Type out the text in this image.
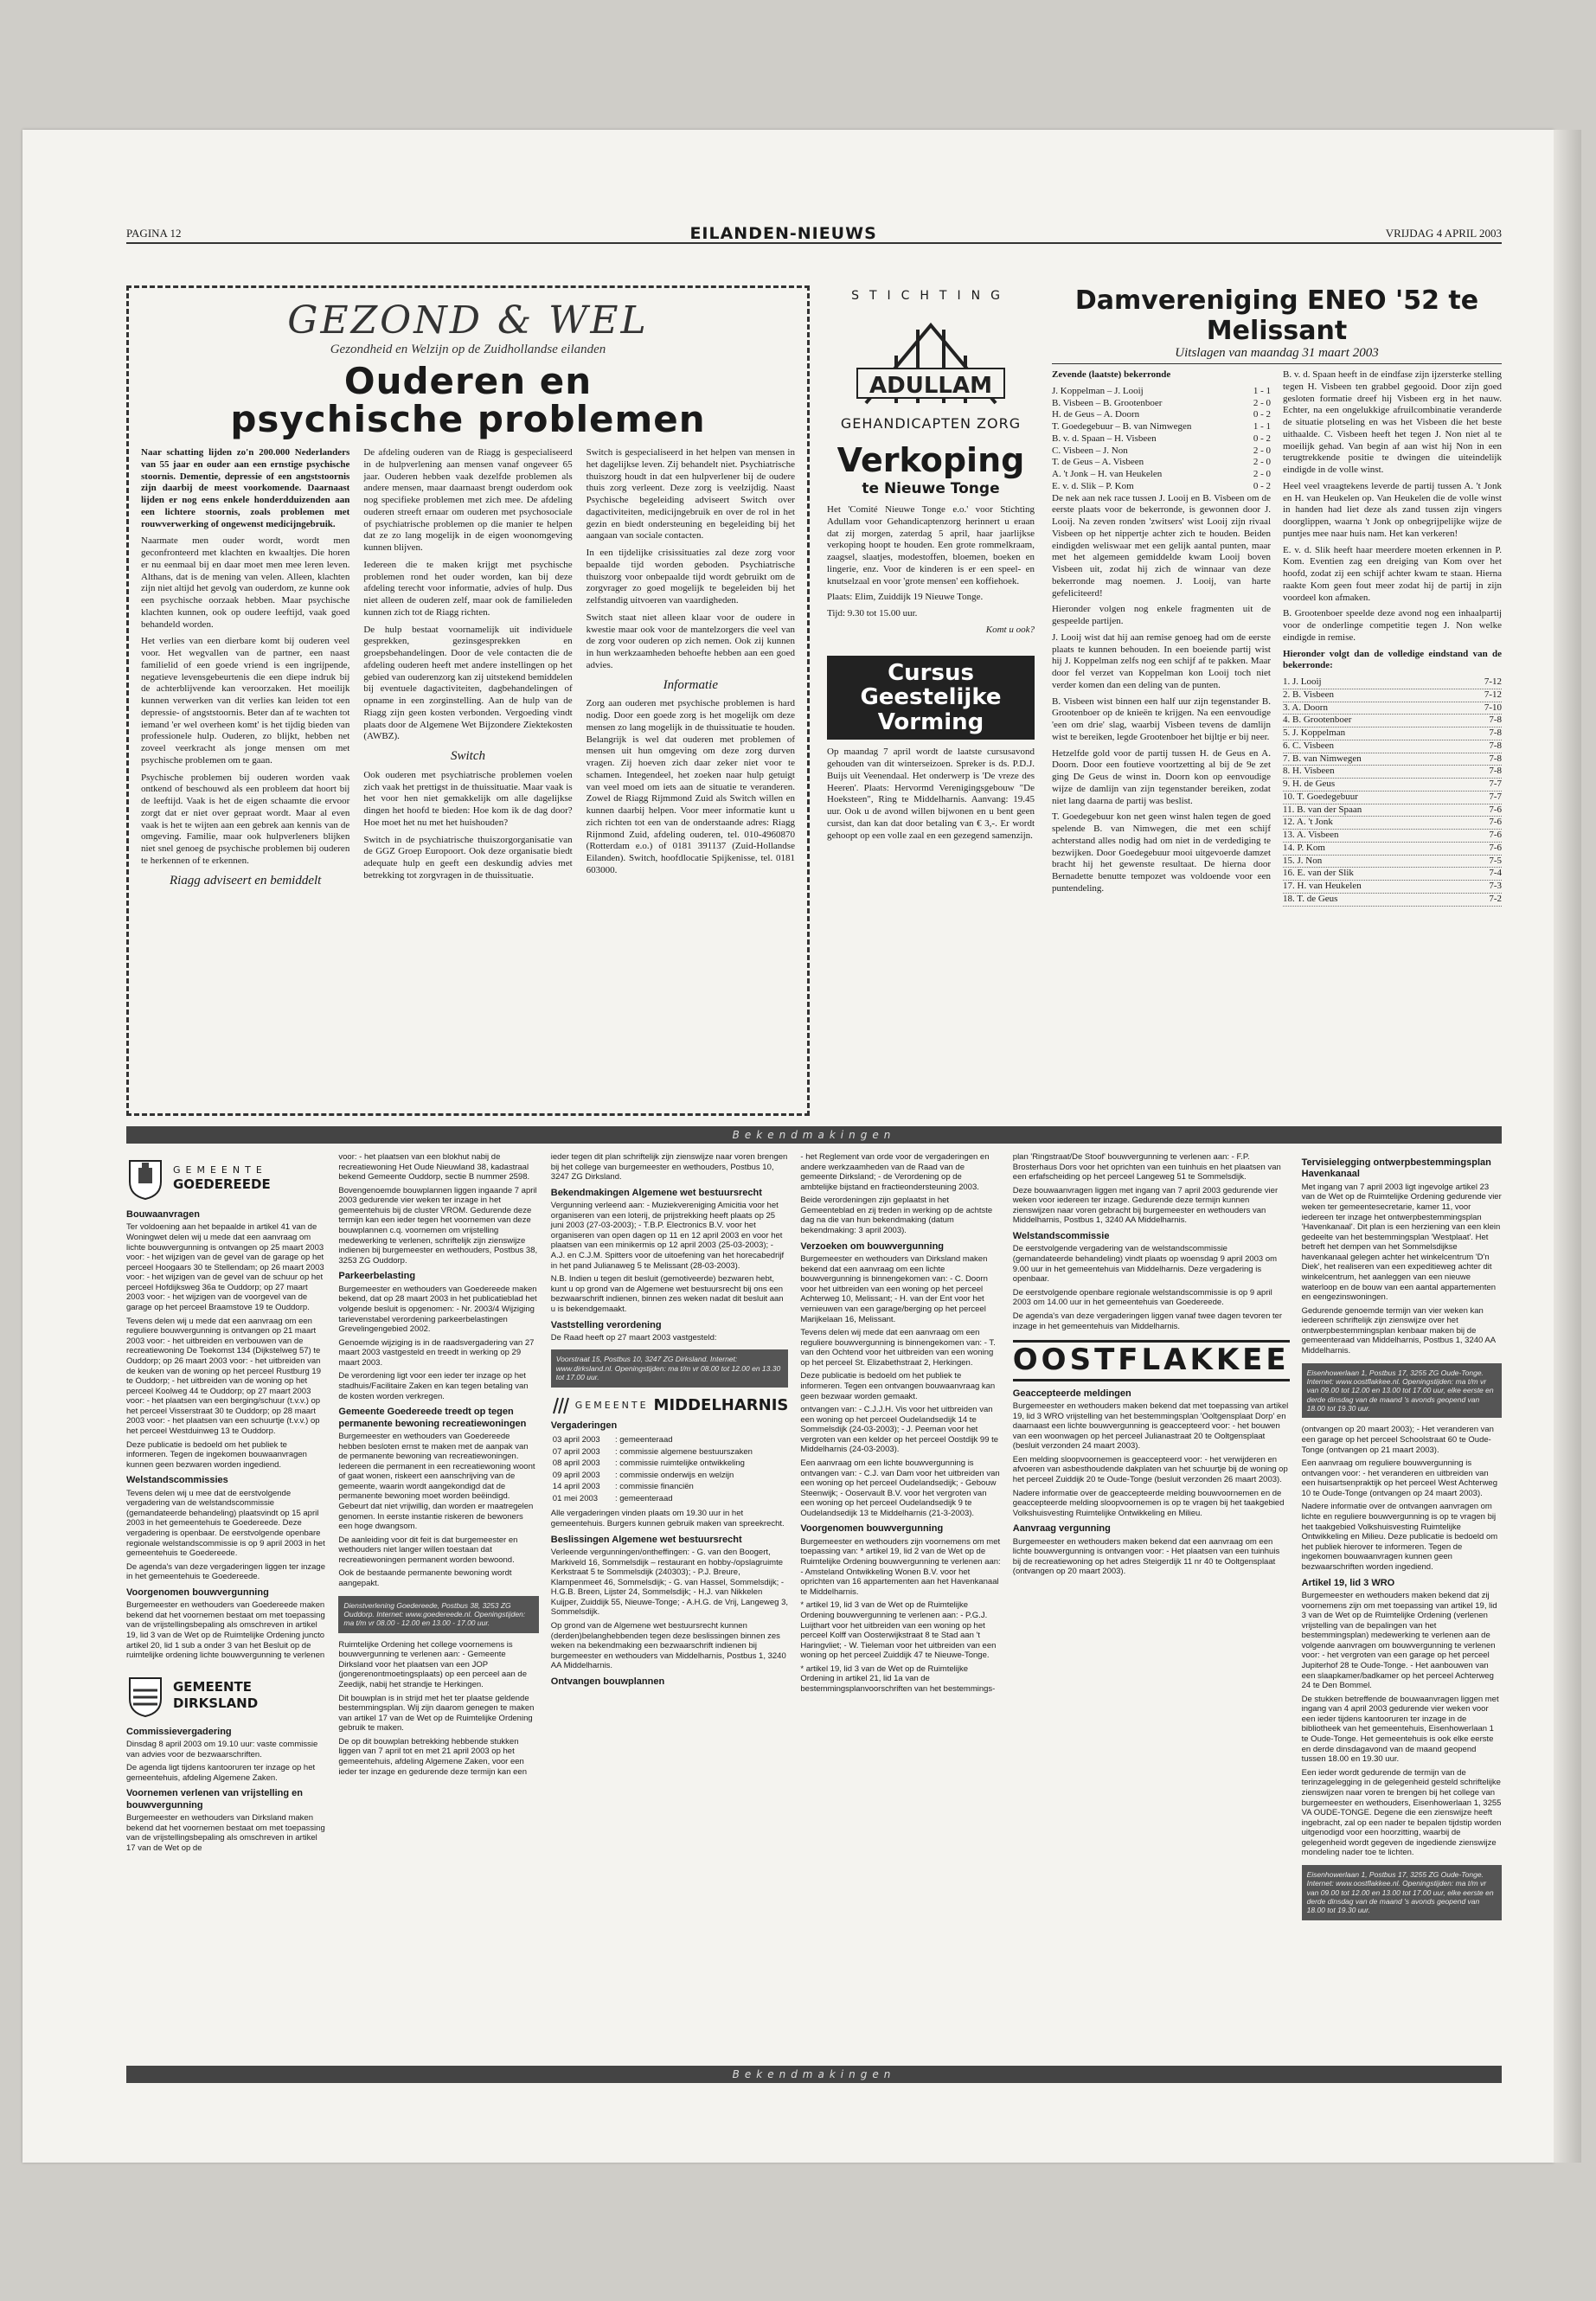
PAGINA 12	EILANDEN-NIEUWS	VRIJDAG 4 APRIL 2003
GEZOND & WEL
Gezondheid en Welzijn op de Zuidhollandse eilanden
Ouderen en
psychische problemen

Naar schatting lijden zo'n 200.000 Nederlanders van 55 jaar en ouder aan een ernstige psychische stoornis. Dementie, depressie of een angststoornis zijn daarbij de meest voorkomende. Daarnaast lijden er nog eens enkele honderdduizenden aan een lichtere stoornis, zoals problemen met rouwverwerking of ongewenst medicijngebruik.

Naarmate men ouder wordt, wordt men geconfronteerd met klachten en kwaaltjes. Die horen er nu eenmaal bij en daar moet men mee leren leven. Althans, dat is de mening van velen. Alleen, klachten zijn niet altijd het gevolg van ouderdom, ze kunne ook een psychische oorzaak hebben. Maar psychische klachten kunnen, ook op oudere leeftijd, vaak goed behandeld worden.

Het verlies van een dierbare komt bij ouderen veel voor. Het wegvallen van de partner, een naast familielid of een goede vriend is een ingrijpende, negatieve levensgebeurtenis die een diepe indruk bij de achterblijvende kan veroorzaken. Het moeilijk kunnen verwerken van dit verlies kan leiden tot een depressie- of angststoornis. Beter dan af te wachten tot iemand 'er wel overheen komt' is het tijdig bieden van professionele hulp. Ouderen, zo blijkt, hebben net zoveel veerkracht als jonge mensen om met psychische problemen om te gaan.

Psychische problemen bij ouderen worden vaak ontkend of beschouwd als een probleem dat hoort bij de leeftijd. Vaak is het de eigen schaamte die ervoor zorgt dat er niet over gepraat wordt. Maar al even vaak is het te wijten aan een gebrek aan kennis van de omgeving. Familie, maar ook hulpverleners blijken niet snel genoeg de psychische problemen bij ouderen te herkennen of te erkennen.

Riagg adviseert en bemiddelt

De afdeling ouderen van de Riagg is gespecialiseerd in de hulpverlening aan mensen vanaf ongeveer 65 jaar. Ouderen hebben vaak dezelfde problemen als andere mensen, maar daarnaast brengt ouderdom ook nog specifieke problemen met zich mee. De afdeling ouderen streeft ernaar om ouderen met psychosociale of psychiatrische problemen op die manier te helpen dat ze zo lang mogelijk in de eigen woonomgeving kunnen blijven.

Iedereen die te maken krijgt met psychische problemen rond het ouder worden, kan bij deze afdeling terecht voor informatie, advies of hulp. Dus niet alleen de ouderen zelf, maar ook de familieleden kunnen zich tot de Riagg richten.

De hulp bestaat voornamelijk uit individuele gesprekken, gezinsgesprekken en groepsbehandelingen. Door de vele contacten die de afdeling ouderen heeft met andere instellingen op het gebied van ouderenzorg kan zij uitstekend bemiddelen bij eventuele dagactiviteiten, dagbehandelingen of opname in een zorginstelling. Aan de hulp van de Riagg zijn geen kosten verbonden. Vergoeding vindt plaats door de Algemene Wet Bijzondere Ziektekosten (AWBZ).

Switch

Ook ouderen met psychiatrische problemen voelen zich vaak het prettigst in de thuissituatie. Maar vaak is het voor hen niet gemakkelijk om alle dagelijkse dingen het hoofd te bieden: Hoe kom ik de dag door? Hoe moet het nu met het huishouden?

Switch in de psychiatrische thuiszorgorganisatie van de GGZ Groep Europoort. Ook deze organisatie biedt adequate hulp en geeft een deskundig advies met betrekking tot zorgvragen in de thuissituatie.

Switch is gespecialiseerd in het helpen van mensen in het dagelijkse leven. Zij behandelt niet. Psychiatrische thuiszorg houdt in dat een hulpverlener bij de oudere thuis zorg verleent. Deze zorg is veelzijdig. Naast Psychische begeleiding adviseert Switch over dagactiviteiten, medicijngebruik en over de rol in het gezin en biedt ondersteuning en begeleiding bij het aangaan van sociale contacten.

In een tijdelijke crisissituaties zal deze zorg voor bepaalde tijd worden geboden. Psychiatrische thuiszorg voor onbepaalde tijd wordt gebruikt om de zorgvrager zo goed mogelijk te begeleiden bij het zelfstandig uitvoeren van vaardigheden.

Switch staat niet alleen klaar voor de oudere in kwestie maar ook voor de mantelzorgers die veel van de zorg voor ouderen op zich nemen. Ook zij kunnen in hun werkzaamheden behoefte hebben aan een goed advies.

Informatie

Zorg aan ouderen met psychische problemen is hard nodig. Door een goede zorg is het mogelijk om deze mensen zo lang mogelijk in de thuissituatie te houden. Belangrijk is wel dat ouderen met problemen of mensen uit hun omgeving om deze zorg durven vragen. Zij hoeven zich daar zeker niet voor te schamen. Integendeel, het zoeken naar hulp getuigt van veel moed om iets aan de situatie te veranderen. Zowel de Riagg Rijmmond Zuid als Switch willen en kunnen daarbij helpen. Voor meer informatie kunt u zich richten tot een van de onderstaande adres: Riagg Rijnmond Zuid, afdeling ouderen, tel. 010-4960870 (Rotterdam e.o.) of 0181 391137 (Zuid-Hollandse Eilanden). Switch, hoofdlocatie Spijkenisse, tel. 0181 603000.

STICHTING
ADULLAM
GEHANDICAPTEN ZORG
Verkoping
te Nieuwe Tonge

Het 'Comité Nieuwe Tonge e.o.' voor Stichting Adullam voor Gehandicaptenzorg herinnert u eraan dat zij morgen, zaterdag 5 april, haar jaarlijkse verkoping hoopt te houden. Een grote rommelkraam, zaagsel, slaatjes, modestoffen, bloemen, boeken en lingerie, enz. Voor de kinderen is er een speel- en knutselzaal en voor 'grote mensen' een koffiehoek.

Plaats: Elim, Zuiddijk 19 Nieuwe Tonge.

Tijd: 9.30 tot 15.00 uur.

Komt u ook?

Cursus Geestelijke Vorming

Op maandag 7 april wordt de laatste cursusavond gehouden van dit winterseizoen. Spreker is ds. P.D.J. Buijs uit Veenendaal. Het onderwerp is 'De vreze des Heeren'. Plaats: Hervormd Verenigingsgebouw "De Hoeksteen", Ring te Middelharnis. Aanvang: 19.45 uur. Ook u de avond willen bijwonen en u bent geen cursist, dan kan dat door betaling van € 3,-. Er wordt gehoopt op een volle zaal en een gezegend samenzijn.

Damvereniging ENEO '52 te Melissant
Uitslagen van maandag 31 maart 2003

Zevende (laatste) bekerronde

J. Koppelman – J. Looij	1 - 1
B. Visbeen – B. Grootenboer	2 - 0
H. de Geus – A. Doorn	0 - 2
T. Goedegebuur – B. van Nimwegen	1 - 1
B. v. d. Spaan – H. Visbeen	0 - 2
C. Visbeen – J. Non	2 - 0
T. de Geus – A. Visbeen	2 - 0
A. 't Jonk – H. van Heukelen	2 - 0
E. v. d. Slik – P. Kom	0 - 2

De nek aan nek race tussen J. Looij en B. Visbeen om de eerste plaats voor de bekerronde, is gewonnen door J. Looij. Na zeven ronden 'zwitsers' wist Looij zijn rivaal Visbeen op het nippertje achter zich te houden. Beiden eindigden weliswaar met een gelijk aantal punten, maar met het algemeen gemiddelde kwam Looij boven Visbeen uit, zodat hij zich de winnaar van deze bekerronde mag noemen. J. Looij, van harte gefeliciteerd!

Hieronder volgen nog enkele fragmenten uit de gespeelde partijen.

J. Looij wist dat hij aan remise genoeg had om de eerste plaats te kunnen behouden. In een boeiende partij wist hij J. Koppelman zelfs nog een schijf af te pakken. Maar door fel verzet van Koppelman kon Looij toch niet verder komen dan een deling van de punten.

B. Visbeen wist binnen een half uur zijn tegenstander B. Grootenboer op de knieën te krijgen. Na een eenvoudige 'een om drie' slag, waarbij Visbeen tevens de damlijn wist te bereiken, legde Grootenboer het bijltje er bij neer.

Hetzelfde gold voor de partij tussen H. de Geus en A. Doorn. Door een foutieve voortzetting al bij de 9e zet ging De Geus de winst in. Doorn kon op eenvoudige wijze de damlijn van zijn tegenstander bereiken, zodat niet lang daarna de partij was beslist.

T. Goedegebuur kon net geen winst halen tegen de goed spelende B. van Nimwegen, die met een schijf achterstand alles nodig had om niet in de verdediging te bezwijken. Door Goedegebuur mooi uitgevoerde damzet bracht hij het gewenste resultaat. De hierna door Bernadette benutte tempozet was voldoende voor een puntendeling.

B. v. d. Spaan heeft in de eindfase zijn ijzersterke stelling tegen H. Visbeen ten grabbel gegooid. Door zijn goed gesloten formatie dreef hij Visbeen erg in het nauw. Echter, na een ongelukkige afruilcombinatie veranderde de situatie plotseling en was het Visbeen die het beste uithaalde. C. Visbeen heeft het tegen J. Non niet al te moeilijk gehad. Van begin af aan wist hij Non in een terugtrekkende positie te dwingen die uiteindelijk eindigde in de volle winst.

Heel veel vraagtekens leverde de partij tussen A. 't Jonk en H. van Heukelen op. Van Heukelen die de volle winst in handen had liet deze als zand tussen zijn vingers doorglippen, waarna 't Jonk op onbegrijpelijke wijze de puntjes mee naar huis nam. Het kan verkeren!

E. v. d. Slik heeft haar meerdere moeten erkennen in P. Kom. Eventien zag een dreiging van Kom over het hoofd, zodat zij een schijf achter kwam te staan. Hierna raakte Kom geen fout meer zodat hij de partij in zijn voordeel kon afmaken.

B. Grootenboer speelde deze avond nog een inhaalpartij voor de onderlinge competitie tegen J. Non welke eindigde in remise.

Hieronder volgt dan de volledige eindstand van de bekerronde:

1. J. Looij	7-12
2. B. Visbeen	7-12
3. A. Doorn	7-10
4. B. Grootenboer	7-8
5. J. Koppelman	7-8
6. C. Visbeen	7-8
7. B. van Nimwegen	7-8
8. H. Visbeen	7-8
9. H. de Geus	7-7
10. T. Goedegebuur	7-7
11. B. van der Spaan	7-6
12. A. 't Jonk	7-6
13. A. Visbeen	7-6
14. P. Kom	7-6
15. J. Non	7-5
16. E. van der Slik	7-4
17. H. van Heukelen	7-3
18. T. de Geus	7-2
Bekendmakingen
GEMEENTE
GOEDEREEDE
Bouwaanvragen

Ter voldoening aan het bepaalde in artikel 41 van de Woningwet delen wij u mede dat een aanvraag om lichte bouwvergunning is ontvangen op 25 maart 2003 voor: - het wijzigen van de gevel van de garage op het perceel Hoogaars 30 te Stellendam; op 26 maart 2003 voor: - het wijzigen van de gevel van de schuur op het perceel Hofdijksweg 36a te Ouddorp; op 27 maart 2003 voor: - het wijzigen van de voorgevel van de garage op het perceel Braamstove 19 te Ouddorp.

Tevens delen wij u mede dat een aanvraag om een reguliere bouwvergunning is ontvangen op 21 maart 2003 voor: - het uitbreiden en verbouwen van de recreatiewoning De Toekomst 134 (Dijkstelweg 57) te Ouddorp; op 26 maart 2003 voor: - het uitbreiden van de keuken van de woning op het perceel Rustburg 19 te Ouddorp; - het uitbreiden van de woning op het perceel Koolweg 44 te Ouddorp; op 27 maart 2003 voor: - het plaatsen van een berging/schuur (t.v.v.) op het perceel Visserstraat 30 te Ouddorp; op 28 maart 2003 voor: - het plaatsen van een schuurtje (t.v.v.) op het perceel Westduinweg 13 te Ouddorp.

Deze publicatie is bedoeld om het publiek te informeren. Tegen de ingekomen bouwaanvragen kunnen geen bezwaren worden ingediend.

Welstandscommissies

Tevens delen wij u mee dat de eerstvolgende vergadering van de welstandscommissie (gemandateerde behandeling) plaatsvindt op 15 april 2003 in het gemeentehuis te Goedereede. Deze vergadering is openbaar. De eerstvolgende openbare regionale welstandscommissie is op 9 april 2003 in het gemeentehuis te Goedereede.

De agenda's van deze vergaderingen liggen ter inzage in het gemeentehuis te Goedereede.

Voorgenomen bouwvergunning

Burgemeester en wethouders van Goedereede maken bekend dat het voornemen bestaat om met toepassing van de vrijstellingsbepaling als omschreven in artikel 19, lid 3 van de Wet op de Ruimtelijke Ordening juncto artikel 20, lid 1 sub a onder 3 van het Besluit op de ruimtelijke ordening lichte bouwvergunning te verlenen

GEMEENTE DIRKSLAND
Commissievergadering

Dinsdag 8 april 2003 om 19.10 uur: vaste commissie van advies voor de bezwaarschriften.

De agenda ligt tijdens kantooruren ter inzage op het gemeentehuis, afdeling Algemene Zaken.

Voornemen verlenen van vrijstelling en bouwvergunning

Burgemeester en wethouders van Dirksland maken bekend dat het voornemen bestaat om met toepassing van de vrijstellingsbepaling als omschreven in artikel 17 van de Wet op de

voor: - het plaatsen van een blokhut nabij de recreatiewoning Het Oude Nieuwland 38, kadastraal bekend Gemeente Ouddorp, sectie B nummer 2598.

Bovengenoemde bouwplannen liggen ingaande 7 april 2003 gedurende vier weken ter inzage in het gemeentehuis bij de cluster VROM. Gedurende deze termijn kan een ieder tegen het voornemen van deze bouwplannen c.q. voornemen om vrijstelling medewerking te verlenen, schriftelijk zijn zienswijze indienen bij burgemeester en wethouders, Postbus 38, 3253 ZG Ouddorp.

Parkeerbelasting

Burgemeester en wethouders van Goedereede maken bekend, dat op 28 maart 2003 in het publicatieblad het volgende besluit is opgenomen: - Nr. 2003/4 Wijziging tarievenstabel verordening parkeerbelastingen Grevelingengebied 2002.

Genoemde wijziging is in de raadsvergadering van 27 maart 2003 vastgesteld en treedt in werking op 29 maart 2003.

De verordening ligt voor een ieder ter inzage op het stadhuis/Facilitaire Zaken en kan tegen betaling van de kosten worden verkregen.

Gemeente Goedereede treedt op tegen permanente bewoning recreatiewoningen

Burgemeester en wethouders van Goedereede hebben besloten ernst te maken met de aanpak van de permanente bewoning van recreatiewoningen. Iedereen die permanent in een recreatiewoning woont of gaat wonen, riskeert een aanschrijving van de gemeente, waarin wordt aangekondigd dat de permanente bewoning moet worden beëindigd. Gebeurt dat niet vrijwillig, dan worden er maatregelen genomen. In eerste instantie riskeren de bewoners een hoge dwangsom.

De aanleiding voor dit feit is dat burgemeester en wethouders niet langer willen toestaan dat recreatiewoningen permanent worden bewoond.

Ook de bestaande permanente bewoning wordt aangepakt.

Dienstverlening Goedereede, Postbus 38, 3253 ZG Ouddorp. Internet: www.goedereede.nl. Openingstijden: ma t/m vr 08.00 - 12.00 en 13.00 - 17.00 uur.

Ruimtelijke Ordening het college voornemens is bouwvergunning te verlenen aan: - Gemeente Dirksland voor het plaatsen van een JOP (jongerenontmoetingsplaats) op een perceel aan de Zeedijk, nabij het strandje te Herkingen.

Dit bouwplan is in strijd met het ter plaatse geldende bestemmingsplan. Wij zijn daarom genegen te maken van artikel 17 van de Wet op de Ruimtelijke Ordening gebruik te maken.

De op dit bouwplan betrekking hebbende stukken liggen van 7 april tot en met 21 april 2003 op het gemeentehuis, afdeling Algemene Zaken, voor een ieder ter inzage en gedurende deze termijn kan een

ieder tegen dit plan schriftelijk zijn zienswijze naar voren brengen bij het college van burgemeester en wethouders, Postbus 10, 3247 ZG Dirksland.

Bekendmakingen Algemene wet bestuursrecht

Vergunning verleend aan: - Muziekvereniging Amicitia voor het organiseren van een loterij, de prijstrekking heeft plaats op 25 juni 2003 (27-03-2003); - T.B.P. Electronics B.V. voor het organiseren van open dagen op 11 en 12 april 2003 en voor het plaatsen van een minikermis op 12 april 2003 (25-03-2003); - A.J. en C.J.M. Spitters voor de uitoefening van het horecabedrijf in het pand Julianaweg 5 te Melissant (28-03-2003).

N.B. Indien u tegen dit besluit (gemotiveerde) bezwaren hebt, kunt u op grond van de Algemene wet bestuursrecht bij ons een bezwaarschrift indienen, binnen zes weken nadat dit besluit aan u is bekendgemaakt.

Vaststelling verordening

De Raad heeft op 27 maart 2003 vastgesteld:

Voorstraat 15, Postbus 10, 3247 ZG Dirksland. Internet: www.dirksland.nl. Openingstijden: ma t/m vr 08.00 tot 12.00 en 13.30 tot 17.00 uur.
GEMEENTE MIDDELHARNIS
Vergaderingen
03 april 2003	: gemeenteraad
07 april 2003	: commissie algemene bestuurszaken
08 april 2003	: commissie ruimtelijke ontwikkeling
09 april 2003	: commissie onderwijs en welzijn
14 april 2003	: commissie financiën
01 mei 2003	: gemeenteraad

Alle vergaderingen vinden plaats om 19.30 uur in het gemeentehuis. Burgers kunnen gebruik maken van spreekrecht.

Beslissingen Algemene wet bestuursrecht

Verleende vergunningen/ontheffingen: - G. van den Boogert, Markiveld 16, Sommelsdijk – restaurant en hobby-/opslagruimte Kerkstraat 5 te Sommelsdijk (240303); - P.J. Breure, Klampenmeet 46, Sommelsdijk; - G. van Hassel, Sommelsdijk; - H.G.B. Breen, Lijster 24, Sommelsdijk; - H.J. van Nikkelen Kuijper, Zuiddijk 55, Nieuwe-Tonge; - A.H.G. de Vrij, Langeweg 3, Sommelsdijk.

Op grond van de Algemene wet bestuursrecht kunnen (derden)belanghebbenden tegen deze beslissingen binnen zes weken na bekendmaking een bezwaarschrift indienen bij burgemeester en wethouders van Middelharnis, Postbus 1, 3240 AA Middelharnis.

Ontvangen bouwplannen

- het Reglement van orde voor de vergaderingen en andere werkzaamheden van de Raad van de gemeente Dirksland; - de Verordening op de ambtelijke bijstand en fractieondersteuning 2003.

Beide verordeningen zijn geplaatst in het Gemeenteblad en zij treden in werking op de achtste dag na die van hun bekendmaking (datum bekendmaking: 3 april 2003).

Verzoeken om bouwvergunning

Burgemeester en wethouders van Dirksland maken bekend dat een aanvraag om een lichte bouwvergunning is binnengekomen van: - C. Doorn voor het uitbreiden van een woning op het perceel Achterweg 10, Melissant; - H. van der Ent voor het vernieuwen van een garage/berging op het perceel Marijkelaan 16, Melissant.

Tevens delen wij mede dat een aanvraag om een reguliere bouwvergunning is binnengekomen van: - T. van den Ochtend voor het uitbreiden van een woning op het perceel St. Elizabethstraat 2, Herkingen.

Deze publicatie is bedoeld om het publiek te informeren. Tegen een ontvangen bouwaanvraag kan geen bezwaar worden gemaakt.

ontvangen van: - C.J.J.H. Vis voor het uitbreiden van een woning op het perceel Oudelandsedijk 14 te Sommelsdijk (24-03-2003); - J. Peeman voor het vergroten van een kelder op het perceel Oostdijk 99 te Middelharnis (24-03-2003).

Een aanvraag om een lichte bouwvergunning is ontvangen van: - C.J. van Dam voor het uitbreiden van een woning op het perceel Oudelandsedijk; - Gebouw Steenwijk; - Ooservault B.V. voor het vergroten van een woning op het perceel Oudelandsedijk 9 te Oudelandsedijk 13 te Middelharnis (21-3-2003).

Voorgenomen bouwvergunning

Burgemeester en wethouders zijn voornemens om met toepassing van: * artikel 19, lid 2 van de Wet op de Ruimtelijke Ordening bouwvergunning te verlenen aan: - Amsteland Ontwikkeling Wonen B.V. voor het oprichten van 16 appartementen aan het Havenkanaal te Middelharnis.

* artikel 19, lid 3 van de Wet op de Ruimtelijke Ordening bouwvergunning te verlenen aan: - P.G.J. Luijthart voor het uitbreiden van een woning op het perceel Kolff van Oosterwijkstraat 8 te Stad aan 't Haringvliet; - W. Tieleman voor het uitbreiden van een woning op het perceel Zuiddijk 47 te Nieuwe-Tonge.

* artikel 19, lid 3 van de Wet op de Ruimtelijke Ordening in artikel 21, lid 1a van de bestemmingsplanvoorschriften van het bestemmings-

plan 'Ringstraat/De Stoof' bouwvergunning te verlenen aan: - F.P. Brosterhaus Dors voor het oprichten van een tuinhuis en het plaatsen van een erfafscheiding op het perceel Langeweg 51 te Sommelsdijk.

Deze bouwaanvragen liggen met ingang van 7 april 2003 gedurende vier weken voor iedereen ter inzage. Gedurende deze termijn kunnen zienswijzen naar voren gebracht bij burgemeester en wethouders van Middelharnis, Postbus 1, 3240 AA Middelharnis.

Welstandscommissie

De eerstvolgende vergadering van de welstandscommissie (gemandateerde behandeling) vindt plaats op woensdag 9 april 2003 om 9.00 uur in het gemeentehuis van Middelharnis. Deze vergadering is openbaar.

De eerstvolgende openbare regionale welstandscommissie is op 9 april 2003 om 14.00 uur in het gemeentehuis van Goedereede.

De agenda's van deze vergaderingen liggen vanaf twee dagen tevoren ter inzage in het gemeentehuis van Middelharnis.

OOSTFLAKKEE
Geaccepteerde meldingen

Burgemeester en wethouders maken bekend dat met toepassing van artikel 19, lid 3 WRO vrijstelling van het bestemmingsplan 'Ooltgensplaat Dorp' en daarnaast een lichte bouwvergunning is geaccepteerd voor: - het bouwen van een woonwagen op het perceel Julianastraat 20 te Ooltgensplaat (besluit verzonden 24 maart 2003).

Een melding sloopvoornemen is geaccepteerd voor: - het verwijderen en afvoeren van asbesthoudende dakplaten van het schuurtje bij de woning op het perceel Zuiddijk 20 te Oude-Tonge (besluit verzonden 26 maart 2003).

Nadere informatie over de geaccepteerde melding bouwvoornemen en de geaccepteerde melding sloopvoornemen is op te vragen bij het taakgebied Volkshuisvesting Ruimtelijke Ontwikkeling en Milieu.

Aanvraag vergunning

Burgemeester en wethouders maken bekend dat een aanvraag om een lichte bouwvergunning is ontvangen voor: - Het plaatsen van een tuinhuis bij de recreatiewoning op het adres Steigerdijk 11 nr 40 te Ooltgensplaat (ontvangen op 20 maart 2003).

Tervisielegging ontwerpbestemmingsplan Havenkanaal

Met ingang van 7 april 2003 ligt ingevolge artikel 23 van de Wet op de Ruimtelijke Ordening gedurende vier weken ter gemeentesecretarie, kamer 11, voor iedereen ter inzage het ontwerpbestemmingsplan 'Havenkanaal'. Dit plan is een herziening van een klein gedeelte van het bestemmingsplan 'Westplaat'. Het betreft het dempen van het Sommelsdijkse havenkanaal gelegen achter het winkelcentrum 'D'n Diek', het realiseren van een expeditieweg achter dit winkelcentrum, het aanleggen van een nieuwe waterloop en de bouw van een aantal appartementen en eengezinswoningen.

Gedurende genoemde termijn van vier weken kan iedereen schriftelijk zijn zienswijze over het ontwerpbestemmingsplan kenbaar maken bij de gemeenteraad van Middelharnis, Postbus 1, 3240 AA Middelharnis.

Eisenhowerlaan 1, Postbus 17, 3255 ZG Oude-Tonge. Internet: www.oostflakkee.nl. Openingstijden: ma t/m vr van 09.00 tot 12.00 en 13.00 tot 17.00 uur, elke eerste en derde dinsdag van de maand 's avonds geopend van 18.00 tot 19.30 uur.

(ontvangen op 20 maart 2003); - Het veranderen van een garage op het perceel Schoolstraat 60 te Oude-Tonge (ontvangen op 21 maart 2003).

Een aanvraag om reguliere bouwvergunning is ontvangen voor: - het veranderen en uitbreiden van een huisartsenpraktijk op het perceel West Achterweg 10 te Oude-Tonge (ontvangen op 24 maart 2003).

Nadere informatie over de ontvangen aanvragen om lichte en reguliere bouwvergunning is op te vragen bij het taakgebied Volkshuisvesting Ruimtelijke Ontwikkeling en Milieu. Deze publicatie is bedoeld om het publiek hierover te informeren. Tegen de ingekomen bouwaanvragen kunnen geen bezwaarschriften worden ingediend.

Artikel 19, lid 3 WRO

Burgemeester en wethouders maken bekend dat zij voornemens zijn om met toepassing van artikel 19, lid 3 van de Wet op de Ruimtelijke Ordening (verlenen vrijstelling van de bepalingen van het bestemmingsplan) medewerking te verlenen aan de volgende aanvragen om bouwvergunning te verlenen voor: - het vergroten van een garage op het perceel Jupiterhof 28 te Oude-Tonge. - Het aanbouwen van een slaapkamer/badkamer op het perceel Achterweg 24 te Den Bommel.

De stukken betreffende de bouwaanvragen liggen met ingang van 4 april 2003 gedurende vier weken voor een ieder tijdens kantooruren ter inzage in de bibliotheek van het gemeentehuis, Eisenhowerlaan 1 te Oude-Tonge. Het gemeentehuis is ook elke eerste en derde dinsdagavond van de maand geopend tussen 18.00 en 19.30 uur.

Een ieder wordt gedurende de termijn van de terinzagelegging in de gelegenheid gesteld schriftelijke zienswijzen naar voren te brengen bij het college van burgemeester en wethouders, Eisenhowerlaan 1, 3255 VA OUDE-TONGE. Degene die een zienswijze heeft ingebracht, zal op een nader te bepalen tijdstip worden uitgenodigd voor een hoorzitting, waarbij de gelegenheid wordt gegeven de ingediende zienswijze mondeling nader toe te lichten.

Eisenhowerlaan 1, Postbus 17, 3255 ZG Oude-Tonge. Internet: www.oostflakkee.nl. Openingstijden: ma t/m vr van 09.00 tot 12.00 en 13.00 tot 17.00 uur, elke eerste en derde dinsdag van de maand 's avonds geopend van 18.00 tot 19.30 uur.
Bekendmakingen
